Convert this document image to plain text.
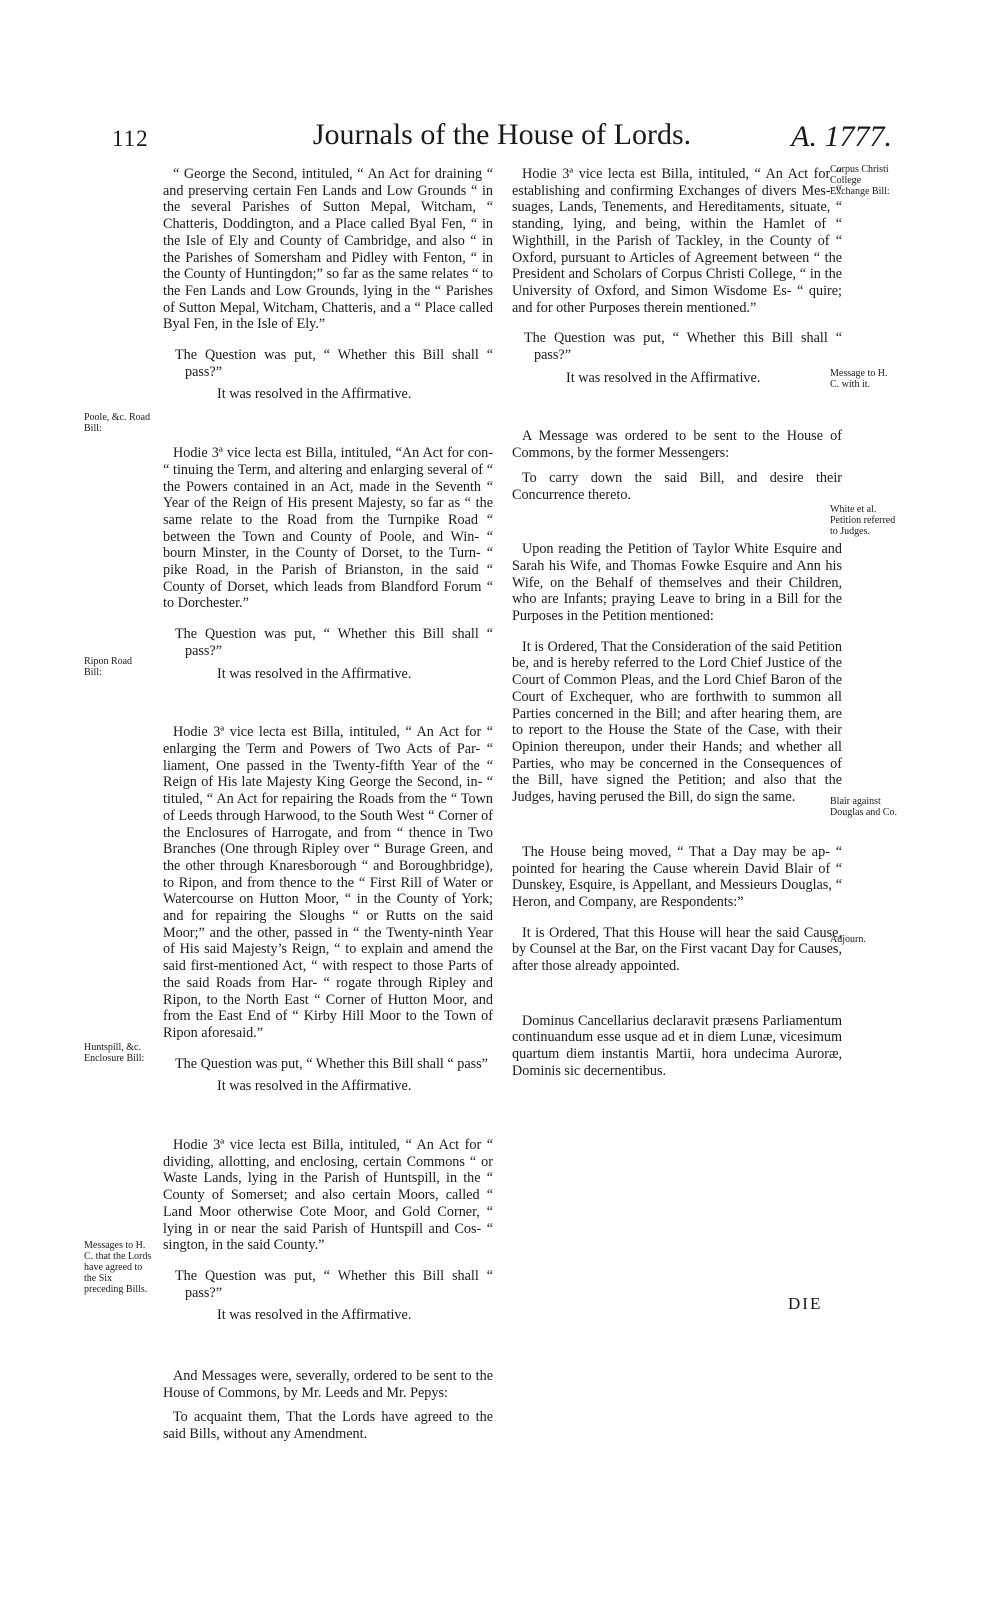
112	Journals of the House of Lords.	A. 1777.

“ George the Second, intituled, “ An Act for draining “ and preserving certain Fen Lands and Low Grounds “ in the several Parishes of Sutton Mepal, Witcham, “ Chatteris, Doddington, and a Place called Byal Fen, “ in the Isle of Ely and County of Cambridge, and also “ in the Parishes of Somersham and Pidley with Fenton, “ in the County of Huntingdon;” so far as the same relates “ to the Fen Lands and Low Grounds, lying in the “ Parishes of Sutton Mepal, Witcham, Chatteris, and a “ Place called Byal Fen, in the Isle of Ely.”

The Question was put, “ Whether this Bill shall “ pass?”

It was resolved in the Affirmative.

Hodie 3ª vice lecta est Billa, intituled, “An Act for con- “ tinuing the Term, and altering and enlarging several of “ the Powers contained in an Act, made in the Seventh “ Year of the Reign of His present Majesty, so far as “ the same relate to the Road from the Turnpike Road “ between the Town and County of Poole, and Win- “ bourn Minster, in the County of Dorset, to the Turn- “ pike Road, in the Parish of Brianston, in the said “ County of Dorset, which leads from Blandford Forum “ to Dorchester.”

The Question was put, “ Whether this Bill shall “ pass?”

It was resolved in the Affirmative.

Hodie 3ª vice lecta est Billa, intituled, “ An Act for “ enlarging the Term and Powers of Two Acts of Par- “ liament, One passed in the Twenty-fifth Year of the “ Reign of His late Majesty King George the Second, in- “ tituled, “ An Act for repairing the Roads from the “ Town of Leeds through Harwood, to the South West “ Corner of the Enclosures of Harrogate, and from “ thence in Two Branches (One through Ripley over “ Burage Green, and the other through Knaresborough “ and Boroughbridge), to Ripon, and from thence to the “ First Rill of Water or Watercourse on Hutton Moor, “ in the County of York; and for repairing the Sloughs “ or Rutts on the said Moor;” and the other, passed in “ the Twenty-ninth Year of His said Majesty’s Reign, “ to explain and amend the said first-mentioned Act, “ with respect to those Parts of the said Roads from Har- “ rogate through Ripley and Ripon, to the North East “ Corner of Hutton Moor, and from the East End of “ Kirby Hill Moor to the Town of Ripon aforesaid.”

The Question was put, “ Whether this Bill shall “ pass”

It was resolved in the Affirmative.

Hodie 3ª vice lecta est Billa, intituled, “ An Act for “ dividing, allotting, and enclosing, certain Commons “ or Waste Lands, lying in the Parish of Huntspill, in the “ County of Somerset; and also certain Moors, called “ Land Moor otherwise Cote Moor, and Gold Corner, “ lying in or near the said Parish of Huntspill and Cos- “ sington, in the said County.”

The Question was put, “ Whether this Bill shall “ pass?”

It was resolved in the Affirmative.

And Messages were, severally, ordered to be sent to the House of Commons, by Mr. Leeds and Mr. Pepys:

To acquaint them, That the Lords have agreed to the said Bills, without any Amendment.

Hodie 3ª vice lecta est Billa, intituled, “ An Act for “ establishing and confirming Exchanges of divers Mes- “ suages, Lands, Tenements, and Hereditaments, situate, “ standing, lying, and being, within the Hamlet of “ Wighthill, in the Parish of Tackley, in the County of “ Oxford, pursuant to Articles of Agreement between “ the President and Scholars of Corpus Christi College, “ in the University of Oxford, and Simon Wisdome Es- “ quire; and for other Purposes therein mentioned.”

The Question was put, “ Whether this Bill shall “ pass?”

It was resolved in the Affirmative.

A Message was ordered to be sent to the House of Commons, by the former Messengers:

To carry down the said Bill, and desire their Concurrence thereto.

Upon reading the Petition of Taylor White Esquire and Sarah his Wife, and Thomas Fowke Esquire and Ann his Wife, on the Behalf of themselves and their Children, who are Infants; praying Leave to bring in a Bill for the Purposes in the Petition mentioned:

It is Ordered, That the Consideration of the said Petition be, and is hereby referred to the Lord Chief Justice of the Court of Common Pleas, and the Lord Chief Baron of the Court of Exchequer, who are forthwith to summon all Parties concerned in the Bill; and after hearing them, are to report to the House the State of the Case, with their Opinion thereupon, under their Hands; and whether all Parties, who may be concerned in the Consequences of the Bill, have signed the Petition; and also that the Judges, having perused the Bill, do sign the same.

The House being moved, “ That a Day may be ap- “ pointed for hearing the Cause wherein David Blair of “ Dunskey, Esquire, is Appellant, and Messieurs Douglas, “ Heron, and Company, are Respondents:”

It is Ordered, That this House will hear the said Cause, by Counsel at the Bar, on the First vacant Day for Causes, after those already appointed.

Dominus Cancellarius declaravit præsens Parliamentum continuandum esse usque ad et in diem Lunæ, vicesimum quartum diem instantis Martii, hora undecima Auroræ, Dominis sic decernentibus.

Poole, &c. Road Bill:
Ripon Road Bill:
Huntspill, &c. Enclosure Bill:
Messages to H. C. that the Lords have agreed to the Six preceding Bills.
Corpus Christi College Exchange Bill:
Message to H. C. with it.
White et al. Petition referred to Judges.
Blair against Douglas and Co.
Adjourn.
DIE
